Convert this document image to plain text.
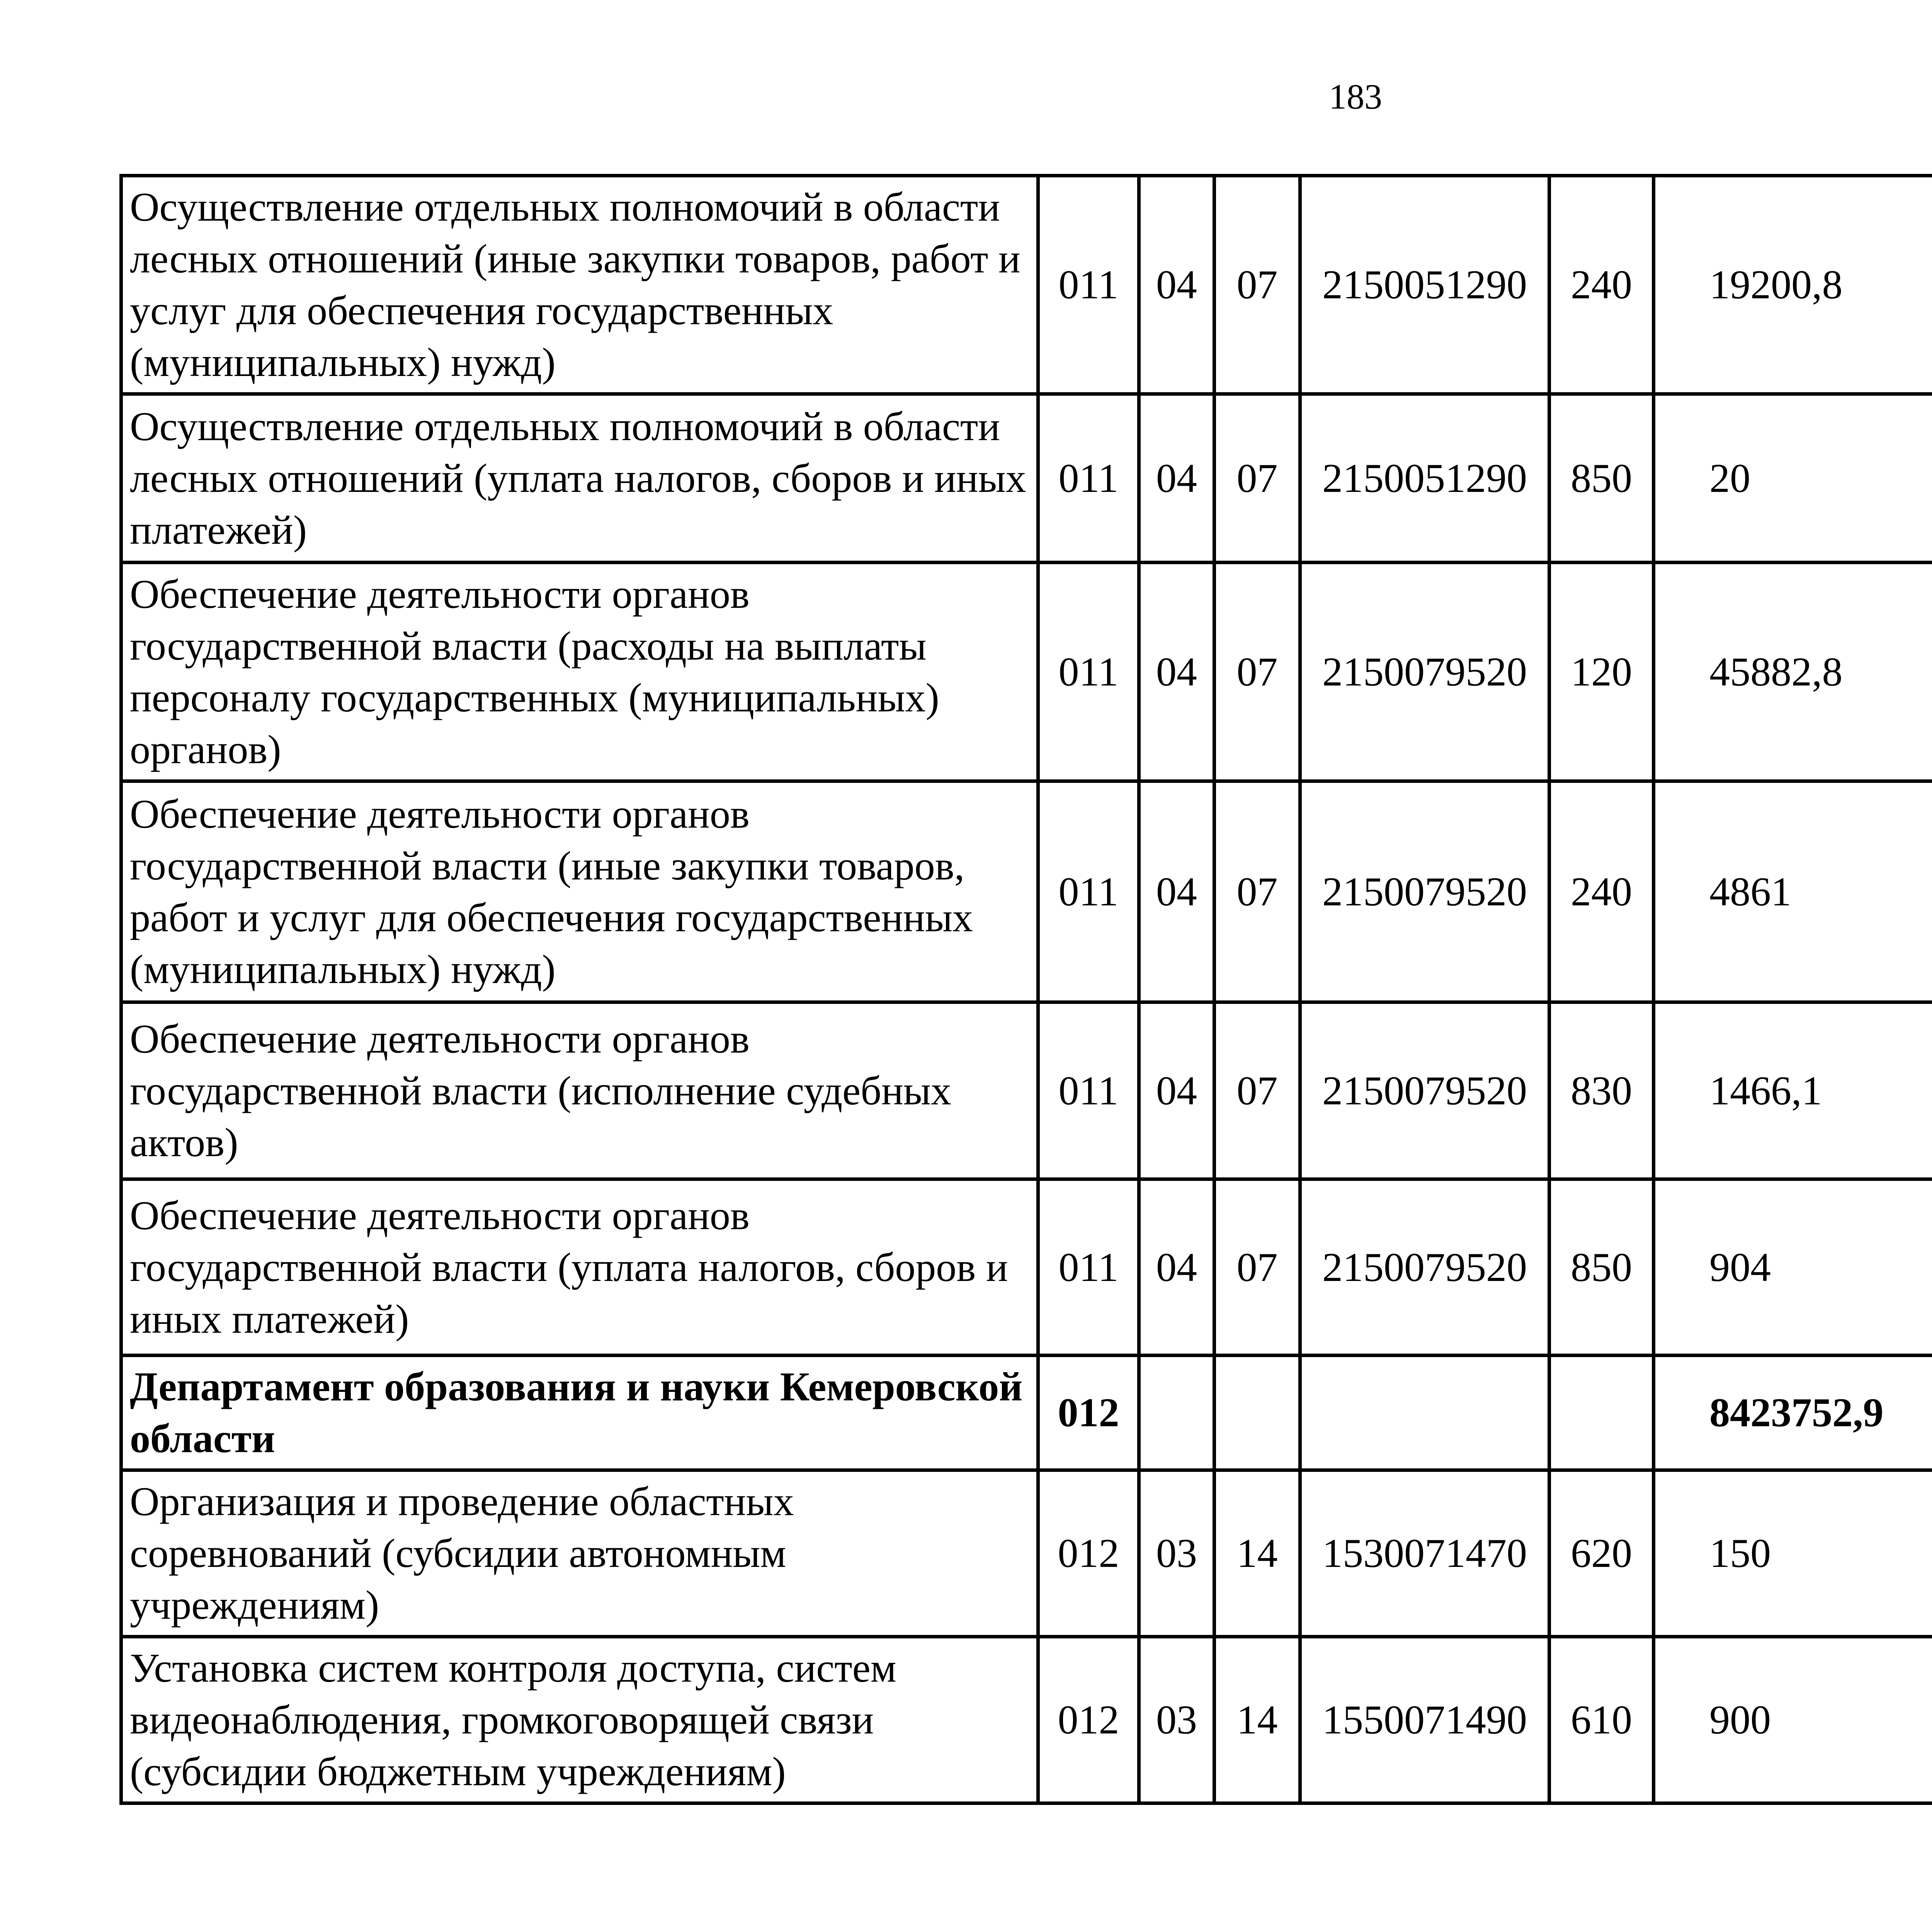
183
Осуществление отдельных полномочий в области лесных отношений (иные закупки товаров, работ и услуг для обеспечения государственных (муниципальных) нужд)	011	04	07	2150051290	240	19200,8		
Осуществление отдельных полномочий в области лесных отношений (уплата налогов, сборов и иных платежей)	011	04	07	2150051290	850	20		
Обеспечение деятельности органов государственной власти (расходы на выплаты персоналу государственных (муниципальных) органов)	011	04	07	2150079520	120	45882,8		
Обеспечение деятельности органов государственной власти (иные закупки товаров, работ и услуг для обеспечения государственных (муниципальных) нужд)	011	04	07	2150079520	240	4861		
Обеспечение деятельности органов государственной власти (исполнение судебных актов)	011	04	07	2150079520	830	1466,1		
Обеспечение деятельности органов государственной власти (уплата налогов, сборов и иных платежей)	011	04	07	2150079520	850	904		
Департамент образования и науки Кемеровской области	012					8423752,9		
Организация и проведение областных соревнований (субсидии автономным учреждениям)	012	03	14	1530071470	620	150		
Установка систем контроля доступа, систем видеонаблюдения, громкоговорящей связи (субсидии бюджетным учреждениям)	012	03	14	1550071490	610	900		
